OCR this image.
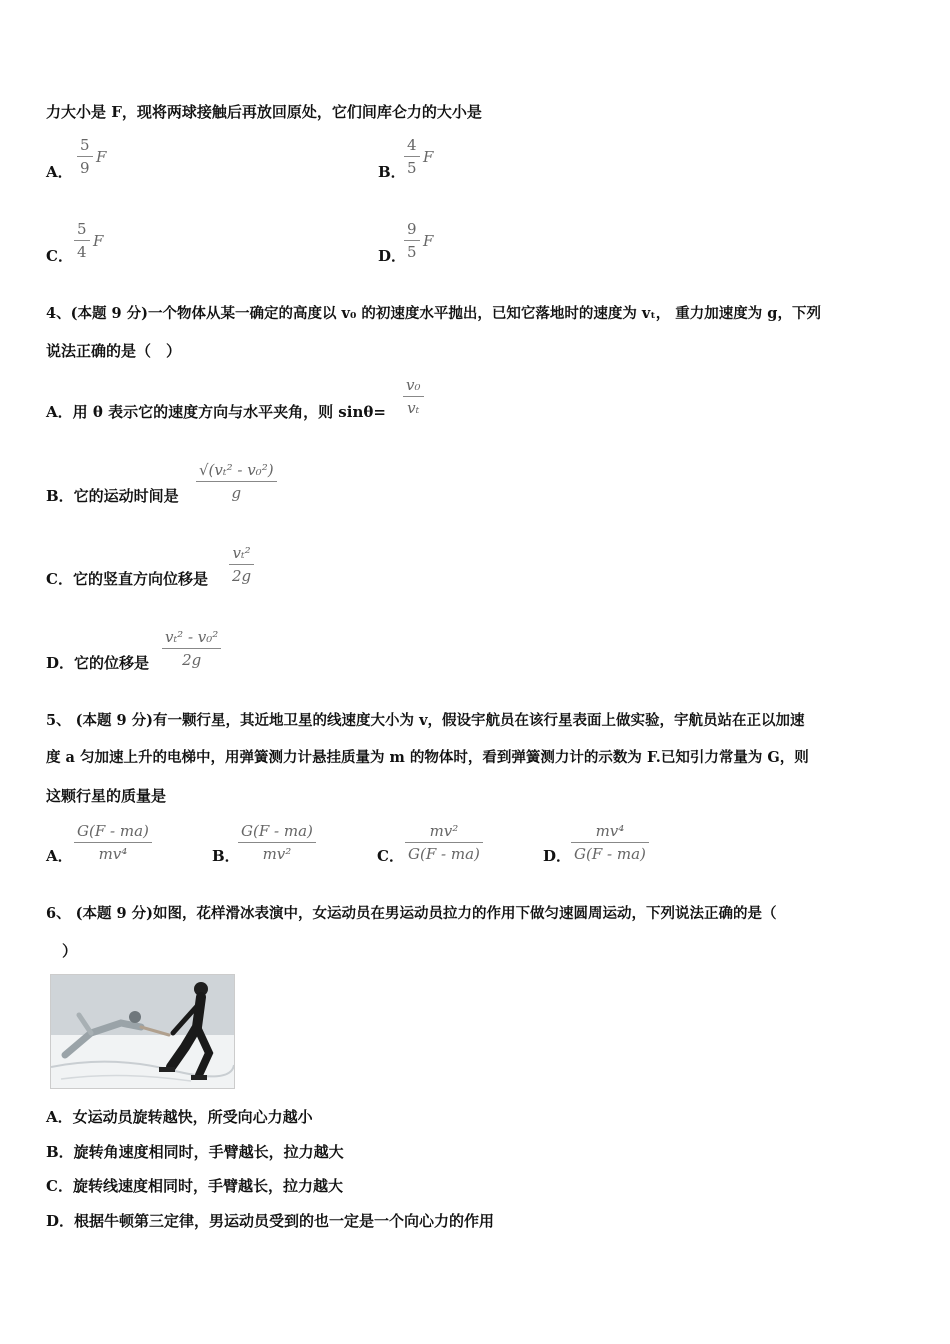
力大小是 F，现将两球接触后再放回原处，它们间库仑力的大小是
A．
5
9
F
B．
4
5
F
C．
5
4
F
D．
9
5
F
4、(本题 9 分)一个物体从某一确定的高度以 v₀ 的初速度水平抛出，已知它落地时的速度为 vₜ， 重力加速度为 g，下列
说法正确的是（　）
A．用 θ 表示它的速度方向与水平夹角，则 sinθ=
v₀
vₜ
B．它的运动时间是
√(vₜ² - v₀²)
g
C．它的竖直方向位移是
vₜ²
2g
D．它的位移是
vₜ² - v₀²
2g
5、 (本题 9 分)有一颗行星，其近地卫星的线速度大小为 v，假设宇航员在该行星表面上做实验，宇航员站在正以加速
度 a 匀加速上升的电梯中，用弹簧测力计悬挂质量为 m 的物体时，看到弹簧测力计的示数为 F.已知引力常量为 G，则
这颗行星的质量是
A．
G(F - ma)
mv⁴	B．
G(F - ma)
mv²	C．
mv²
G(F - ma)	D．
mv⁴
G(F - ma)
6、 (本题 9 分)如图，花样滑冰表演中，女运动员在男运动员拉力的作用下做匀速圆周运动，下列说法正确的是（
）
A．女运动员旋转越快，所受向心力越小
B．旋转角速度相同时，手臂越长，拉力越大
C．旋转线速度相同时，手臂越长，拉力越大
D．根据牛顿第三定律，男运动员受到的也一定是一个向心力的作用
